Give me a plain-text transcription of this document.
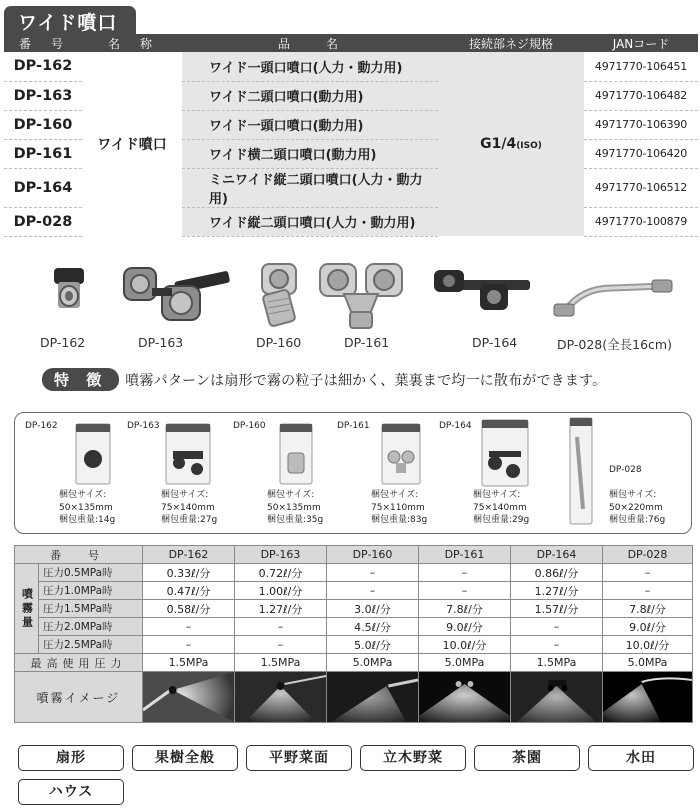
ワイド噴口
番　号	名　称	品　　名	接続部ネジ規格	JANコード
DP-162	ワイド噴口	ワイド一頭口噴口(人力・動力用)	G1/4(ISO)	4971770-106451
DP-163		ワイド二頭口噴口(動力用)		4971770-106482
DP-160		ワイド一頭口噴口(動力用)		4971770-106390
DP-161		ワイド横二頭口噴口(動力用)		4971770-106420
DP-164		ミニワイド縦二頭口噴口(人力・動力用)		4971770-106512
DP-028		ワイド縦二頭口噴口(人力・動力用)		4971770-100879
DP-162	DP-163	DP-160	DP-161	DP-164	DP-028(全長16cm)
特 徴	噴霧パターンは扇形で霧の粒子は細かく、葉裏まで均一に散布ができます。
DP-162
梱包サイズ:
50×135mm
梱包重量:14g
DP-163
梱包サイズ:
75×140mm
梱包重量:27g
DP-160
梱包サイズ:
50×135mm
梱包重量:35g
DP-161
梱包サイズ:
75×110mm
梱包重量:83g
DP-164
梱包サイズ:
75×140mm
梱包重量:29g
DP-028
梱包サイズ:
50×220mm
梱包重量:76g
番　号		DP-162	DP-163	DP-160	DP-161	DP-164	DP-028
噴霧量	圧力0.5MPa時	0.33ℓ/分	0.72ℓ/分	–	–	0.86ℓ/分	–
	圧力1.0MPa時	0.47ℓ/分	1.00ℓ/分	–	–	1.27ℓ/分	–
	圧力1.5MPa時	0.58ℓ/分	1.27ℓ/分	3.0ℓ/分	7.8ℓ/分	1.57ℓ/分	7.8ℓ/分
	圧力2.0MPa時	–	–	4.5ℓ/分	9.0ℓ/分	–	9.0ℓ/分
	圧力2.5MPa時	–	–	5.0ℓ/分	10.0ℓ/分	–	10.0ℓ/分
最高使用圧力		1.5MPa	1.5MPa	5.0MPa	5.0MPa	1.5MPa	5.0MPa
噴霧イメージ	

扇形	果樹全般	平野菜面	立木野菜	茶園	水田
ハウス
